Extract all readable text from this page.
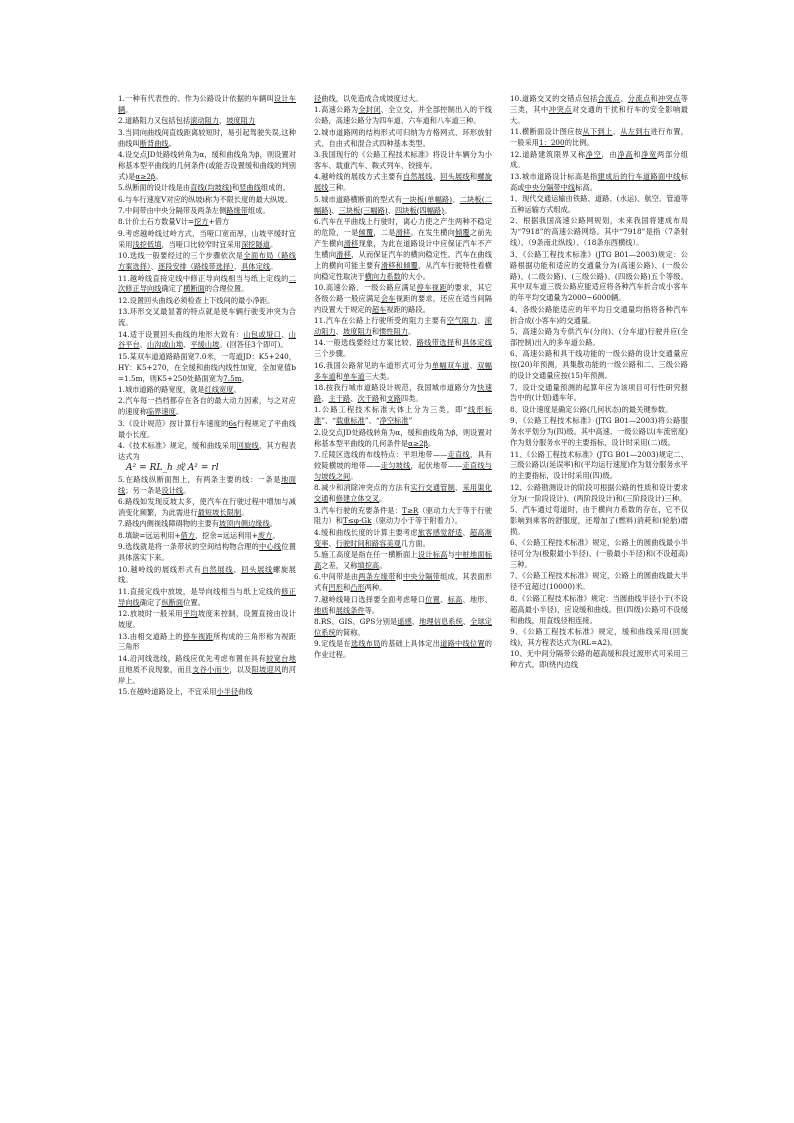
1.一种有代表性的、作为公路设计依据的车辆叫设计车辆。

2.道路阻力又包括包括滚动阻力，坡度阻力

3.当同向曲线间直线距离较短时，易引起驾驶失误,这种曲线叫断背曲线。

4.设交点JD处路线转角为α，缓和曲线角为β，则设置对称基本型平曲线的几何条件(或能否设置缓和曲线的判别式)是α≥2β。

5.纵断面的设计线是由直线(均坡线)和竖曲线组成的。

6.与车行速度V对应的纵坡i称为不限长度的最大纵坡。

7.中间带由中央分隔带及两条左侧路缘带组成。

8.计价土石方数量V计=挖方+借方

9.考虑越岭线过岭方式，当哑口宽而厚，山坡平缓时宜采用浅挖低填，当哑口比较窄时宜采用深挖隧道。

10.选线一般要经过的三个步骤依次是全面布局（路线方案选择）、逐段安排（路线带选择）、具体定线。

11.越岭线直接定线中修正导向线相当与纸上定线的二次修正导向线确定了横断面的合理位置。

12.设置回头曲线必须检查上下线间的最小净距。

13.环形交叉最显著的特点就是使车辆行驶变冲突为合流。

14.适于设置回头曲线的地形大致有：山包或垭口、山谷平台、山沟或山坳、平缓山坡。(回答任3个即可)。

15.某双车道道路路面宽7.0米，一弯道JD：K5+240，HY：K5+270，在全缓和曲线内线性加宽，全加宽值b=1.5m，则K5+250处路面宽为7.5m。

1.城市道路的路宽度，就是红线宽度。

2.汽车每一挡档都存在各自的最大动力因素，与之对应的速度称临界速度。

3.《设计规范》按计算行车速度的6s行程规定了平曲线最小长度。

4.《技术标准》规定，缓和曲线采用回旋线，其方程表达式为

A² = RL_h 或 A² = rl

5.在路线纵断面图上，有两条主要的线：一条是地面线；另一条是设计线。

6.路线如发现反坡太多，使汽车在行驶过程中增加与减消变化频繁，为此需进行最短坡长限制。

7.路线内侧视线障碍物的主要有坡顶内侧边缘线。

8.填缺=远运利用+借方，挖余=远运利用+废方。

9.选线就是将一条带状的空间结构物合理的中心线位置具体落实下来。

10.越岭线的展线形式有自然展线、回头展线螺旋展线。

11.直接定线中放坡，是导向线相当与纸上定线的修正导向线确定了纵断面位置。

12.放坡时一般采用平均坡度来控制，设置直接由设计坡度。

13.由相交道路上的停车视距所构成的三角形称为视距三角形

14.沿河线选线，路线应优先考虑布置在具有较宽台地且地质不良现象，而且支谷小而少，以及阳坡迎风的河岸上。

15.在越岭道路设上，不宜采用小半径曲线

径曲线，以免造成合成坡度过大。

1.高速公路为全封闭、全立交，并全部控制出入的干线公路，高速公路分为四车道、六车道和八车道三种。

2.城市道路网的结构形式可归纳为方格网式、环形放射式、自由式和混合式四种基本类型。

3.我国现行的《公路工程技术标准》将设计车辆分为小客车、载重汽车、鞍式列车、铰接车。

4.越岭线的展线方式主要有自然展线、回头展线和螺旋展线三种。

5.城市道路横断面的型式有一块板(单幅路)、二块板(二幅路)、三块板(三幅路)、四块板(四幅路)。

6.汽车在平曲线上行驶时，离心力使之产生两种不稳定的危险，一是倾覆，二是滑移。在发生横向倾覆之前先产生横向滑移现象，为此在道路设计中应保证汽车不产生横向滑移，从而保证汽车的横向稳定性。汽车在曲线上的横向可能主要有滑移和倾覆，从汽车行驶特性看横向稳定性取决于横向力系数的大小。

10.高速公路、一级公路应满足停车视距的要求，其它各级公路一般应满足会车视距的要求，还应在适当间隔内设置大于规定的超车视距的路段。

11.汽车在公路上行驶所受的阻力主要有空气阻力、滚动阻力、坡度阻力和惯性阻力。

14.一般选线要经过方案比较、路线带选择和具体定线三个步骤。

16.我国公路常见的车道形式可分为单幅双车道、双幅多车道和单车道三大类。

18.按我行城市道路设计规范，我国城市道路分为快速路、主干路、次干路和支路四类。

1.公路工程技术标准大体上分为三类，即“线形标准”、“载重标准”、“净空标准”

2.设交点JD处路线转角为α，缓和曲线角为β，则设置对称基本型平曲线的几何条件是α≥2β。

7.丘陵区选线的布线特点：平坦地带——走直线，具有较陡横坡的地带——走匀坡线，起伏地带——走直线与匀坡线之间。

8.减少和消除冲突点的方法有实行交通管制、采用渠化交通和修建立体交叉。

3.汽车行驶的充要条件是：T≥R（驱动力大于等于行驶阻力）和T≤φ·Gk（驱动力小于等于附着力）。

4.缓和曲线长度的计算主要考虑旅客感觉舒适、超高渐变率、行驶时间和路容美观几方面。

5.施工高度是指在任一横断面上设计标高与中桩地面标高之差，又称填挖高。

6.中间带是由两条左缘带和中央分隔带组成，其表面形式有凹形和凸形两种。

7.越岭线哑口选择要全面考虑哑口位置、标高、地形、地质和展线条件等。

8.RS、GIS、GPS分别是遥感、地理信息系统、全球定位系统的简称。

9.定线是在选线布局的基础上具体定出道路中线位置的作业过程。

10.道路交叉的交错点包括合流点、分流点和冲突点等三类，其中冲突点对交通的干扰和行车的安全影响最大。

11.横断面设计图应按从下到上、从左到右进行布置，一般采用1：200的比例。

12.道路建筑限界又称净空，由净高和净宽两部分组成。

13.城市道路设计标高是指建成后的行车道路面中线标高或中央分隔带中线标高。

1、现代交通运输由铁路、道路、(水运)、航空、管道等五种运输方式组成。

2、根据我国高速公路网规划，未来我国将建成布局为“7918”的高速公路网络。其中“7918”是指（7条射线）、（9条南北纵线）、（18条东西横线）。

3、《公路工程技术标准》(JTG B01—2003)规定：公路根据功能和适应的交通量分为(高速公路)、(一级公路)、(二级公路)、(三级公路)、(四级公路)五个等级。其中双车道三级公路应能适应将各种汽车折合成小客车的年平均交通量为2000~6000辆。

4、各级公路能适应的年平均日交通量均指将各种汽车折合成(小客车)的交通量。

5、高速公路为专供汽车(分向)、(分车道)行驶并应(全部控制)出入的多车道公路。

6、高速公路和具干线功能的一级公路的设计交通量应按(20)年预测，具集散功能的一级公路和二、三级公路的设计交通量应按(15)年预测。

7、设计交通量预测的起算年应为该项目可行性研究报告中的(计划)通车年。

8、设计速度是确定公路(几何状态)的最关键参数。

9、《公路工程技术标准》(JTG B01—2003)将公路服务水平划分为(四)级。其中高速、一级公路以(车流密度)作为划分服务水平的主要指标，设计时采用(二)级。

11、《公路工程技术标准》(JTG B01—2003)规定二、三级公路以(延误率)和(平均运行速度)作为划分服务水平的主要指标，设计时采用(四)级。

12、公路勘测设计的阶段可根据公路的性质和设计要求分为(一阶段设计)、(两阶段设计)和(三阶段设计)三种。

5、汽车通过弯道时，由于横向力系数的存在，它不仅影响到乘客的舒服度，还增加了(燃料)消耗和(轮胎)磨损。

6、《公路工程技术标准》规定，公路上的圆曲线最小半径可分为(极限最小半径)、(一般最小半径)和(不设超高)三种。

7、《公路工程技术标准》规定，公路上的圆曲线最大半径不宜超过(10000)米。

8、《公路工程技术标准》规定：当圆曲线半径小于(不设超高最小半径)，应设缓和曲线。但(四级)公路可不设缓和曲线，用直线径相连接。

9、《公路工程技术标准》规定，缓和曲线采用(回旋线)，其方程表达式为(RL=A2)。

10、无中间分隔带公路的超高缓和段过渡形式可采用三种方式，即(绕内边线
